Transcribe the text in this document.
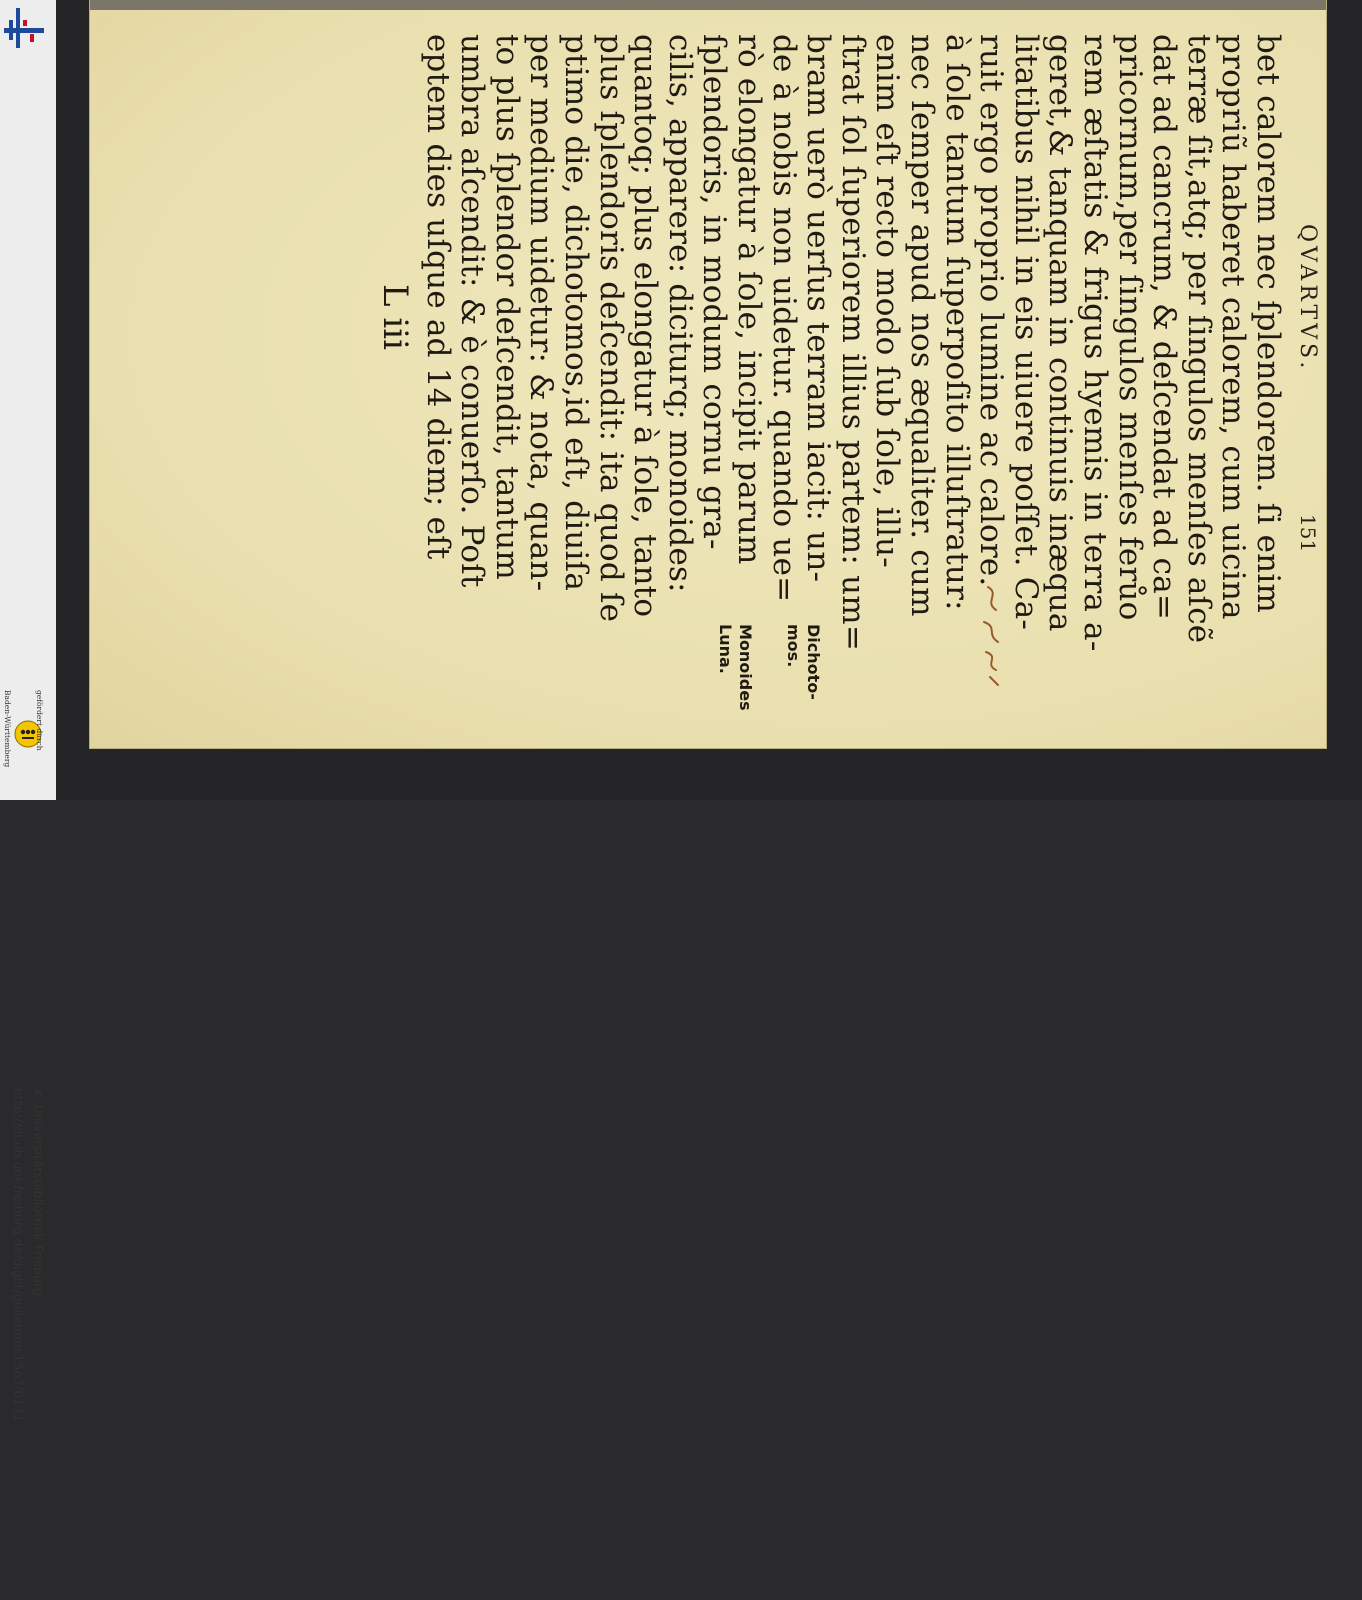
http://dl.ub.uni-freiburg.de/diglit/guilelmus1567/0171 © Universitätsbibliothek Freiburg
gefördert durch
Baden-Württemberg
QVARTVS.
151
bet calorem nec ſplendorem. ſi enim
propriũ haberet calorem, cum uicina
terræ ſit,atq; per ſingulos menſes aſcẽ
dat ad cancrum, & deſcendat ad ca=
pricornum,per ſingulos menſes ferůo
rem æſtatis & frigus hyemis in terra a-
geret,& tanquam in continuis inæqua
litatibus nihil in eis uiuere poſſet. Ca-
ruit ergo proprio lumine ac calore.
à ſole tantum ſuperpoſito illuſtratur:
nec ſemper apud nos æqualiter. cum
enim eſt recto modo ſub ſole, illu-
ſtrat ſol ſuperiorem illius partem: um=
bram uerò uerſus terram iacit: un-
de à nobis non uidetur. quando ue=
rò elongatur à ſole, incipit parum
ſplendoris, in modum cornu gra-
cilis, apparere: diciturq; monoides:
quantoq; plus elongatur à ſole, tanto
plus ſplendoris deſcendit: ita quod ſe
ptimo die, dichotomos,id eſt, diuiſa
per medium uidetur: & nota, quan-
to plus ſplendor deſcendit, tantum
umbra aſcendit: & è conuerſo. Poſt
eptem dies uſque ad 14 diem; eſt
Monoides
Luna.	Dichoto-
mos.
L iii
